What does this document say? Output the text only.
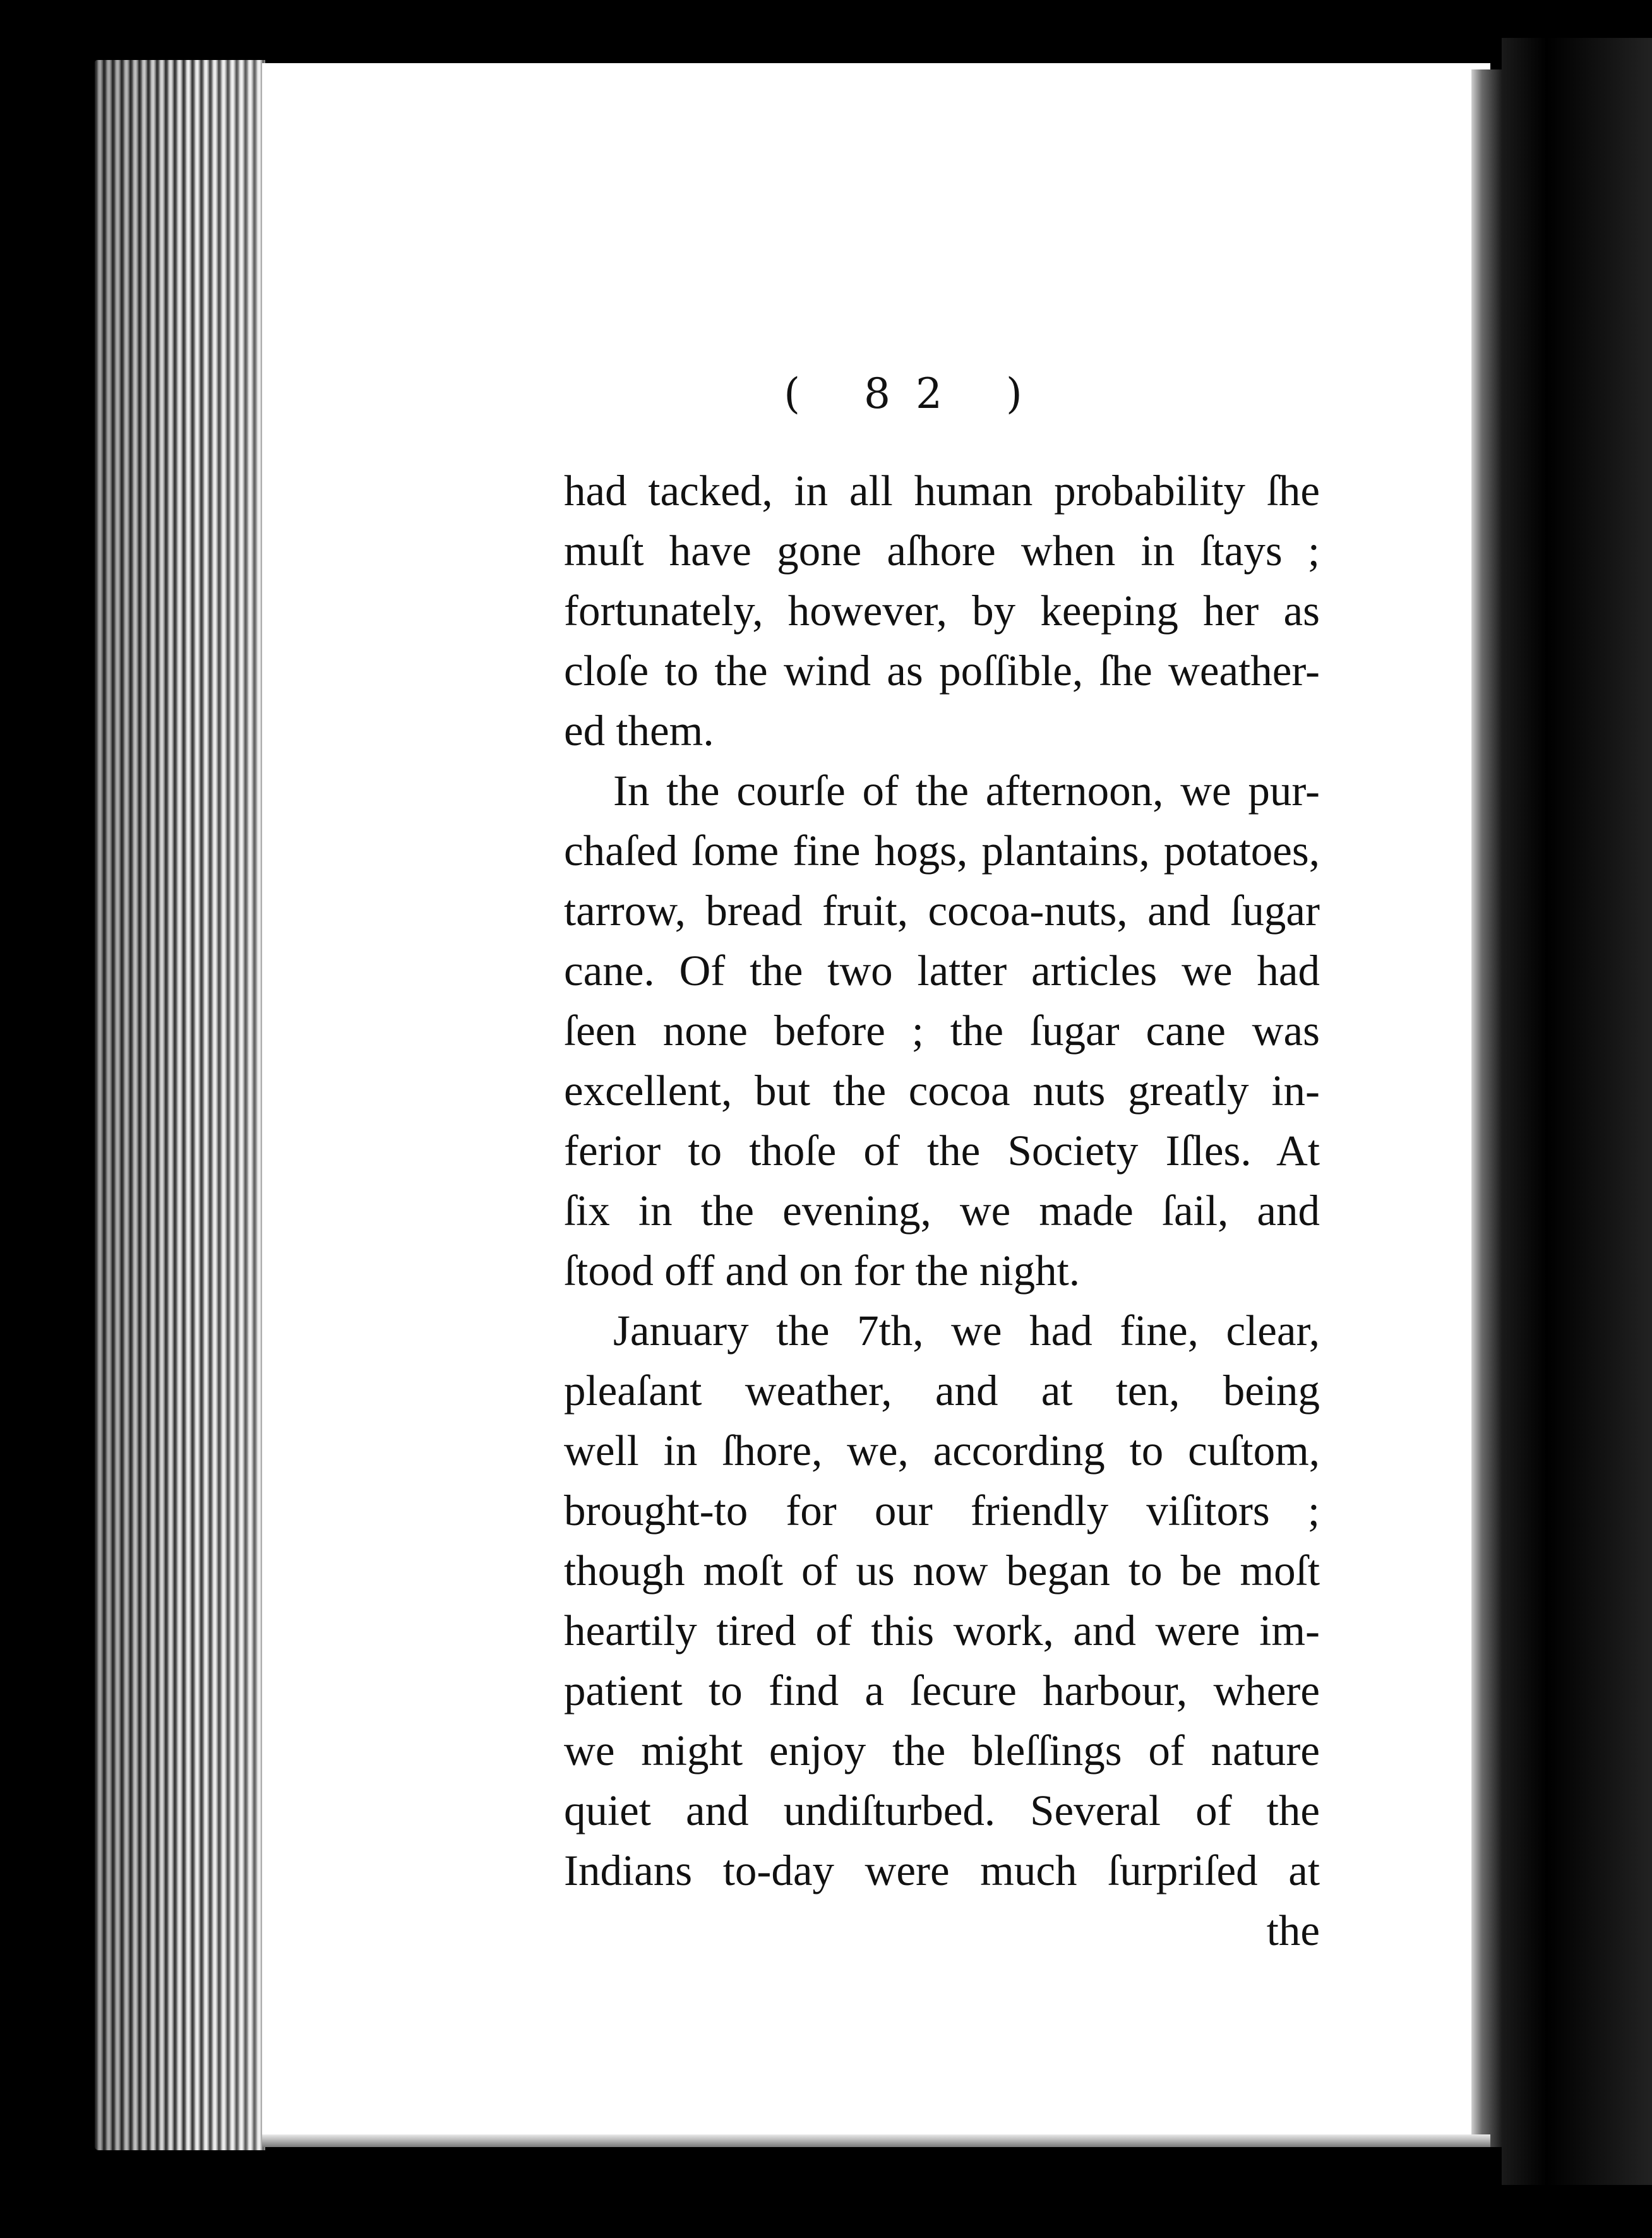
( 82 )

had tacked, in all human probability ſhe
muſt have gone aſhore when in ſtays ;
fortunately, however, by keeping her as
cloſe to the wind as poſſible, ſhe weather-
ed them.
In the courſe of the afternoon, we pur-
chaſed ſome fine hogs, plantains, potatoes,
tarrow, bread fruit, cocoa-nuts, and ſugar
cane. Of the two latter articles we had
ſeen none before ; the ſugar cane was
excellent, but the cocoa nuts greatly in-
ferior to thoſe of the Society Iſles. At
ſix in the evening, we made ſail, and
ſtood off and on for the night.
January the 7th, we had fine, clear,
pleaſant weather, and at ten, being
well in ſhore, we, according to cuſtom,
brought-to for our friendly viſitors ;
though moſt of us now began to be moſt
heartily tired of this work, and were im-
patient to find a ſecure harbour, where
we might enjoy the bleſſings of nature
quiet and undiſturbed. Several of the
Indians to-day were much ſurpriſed at
the
